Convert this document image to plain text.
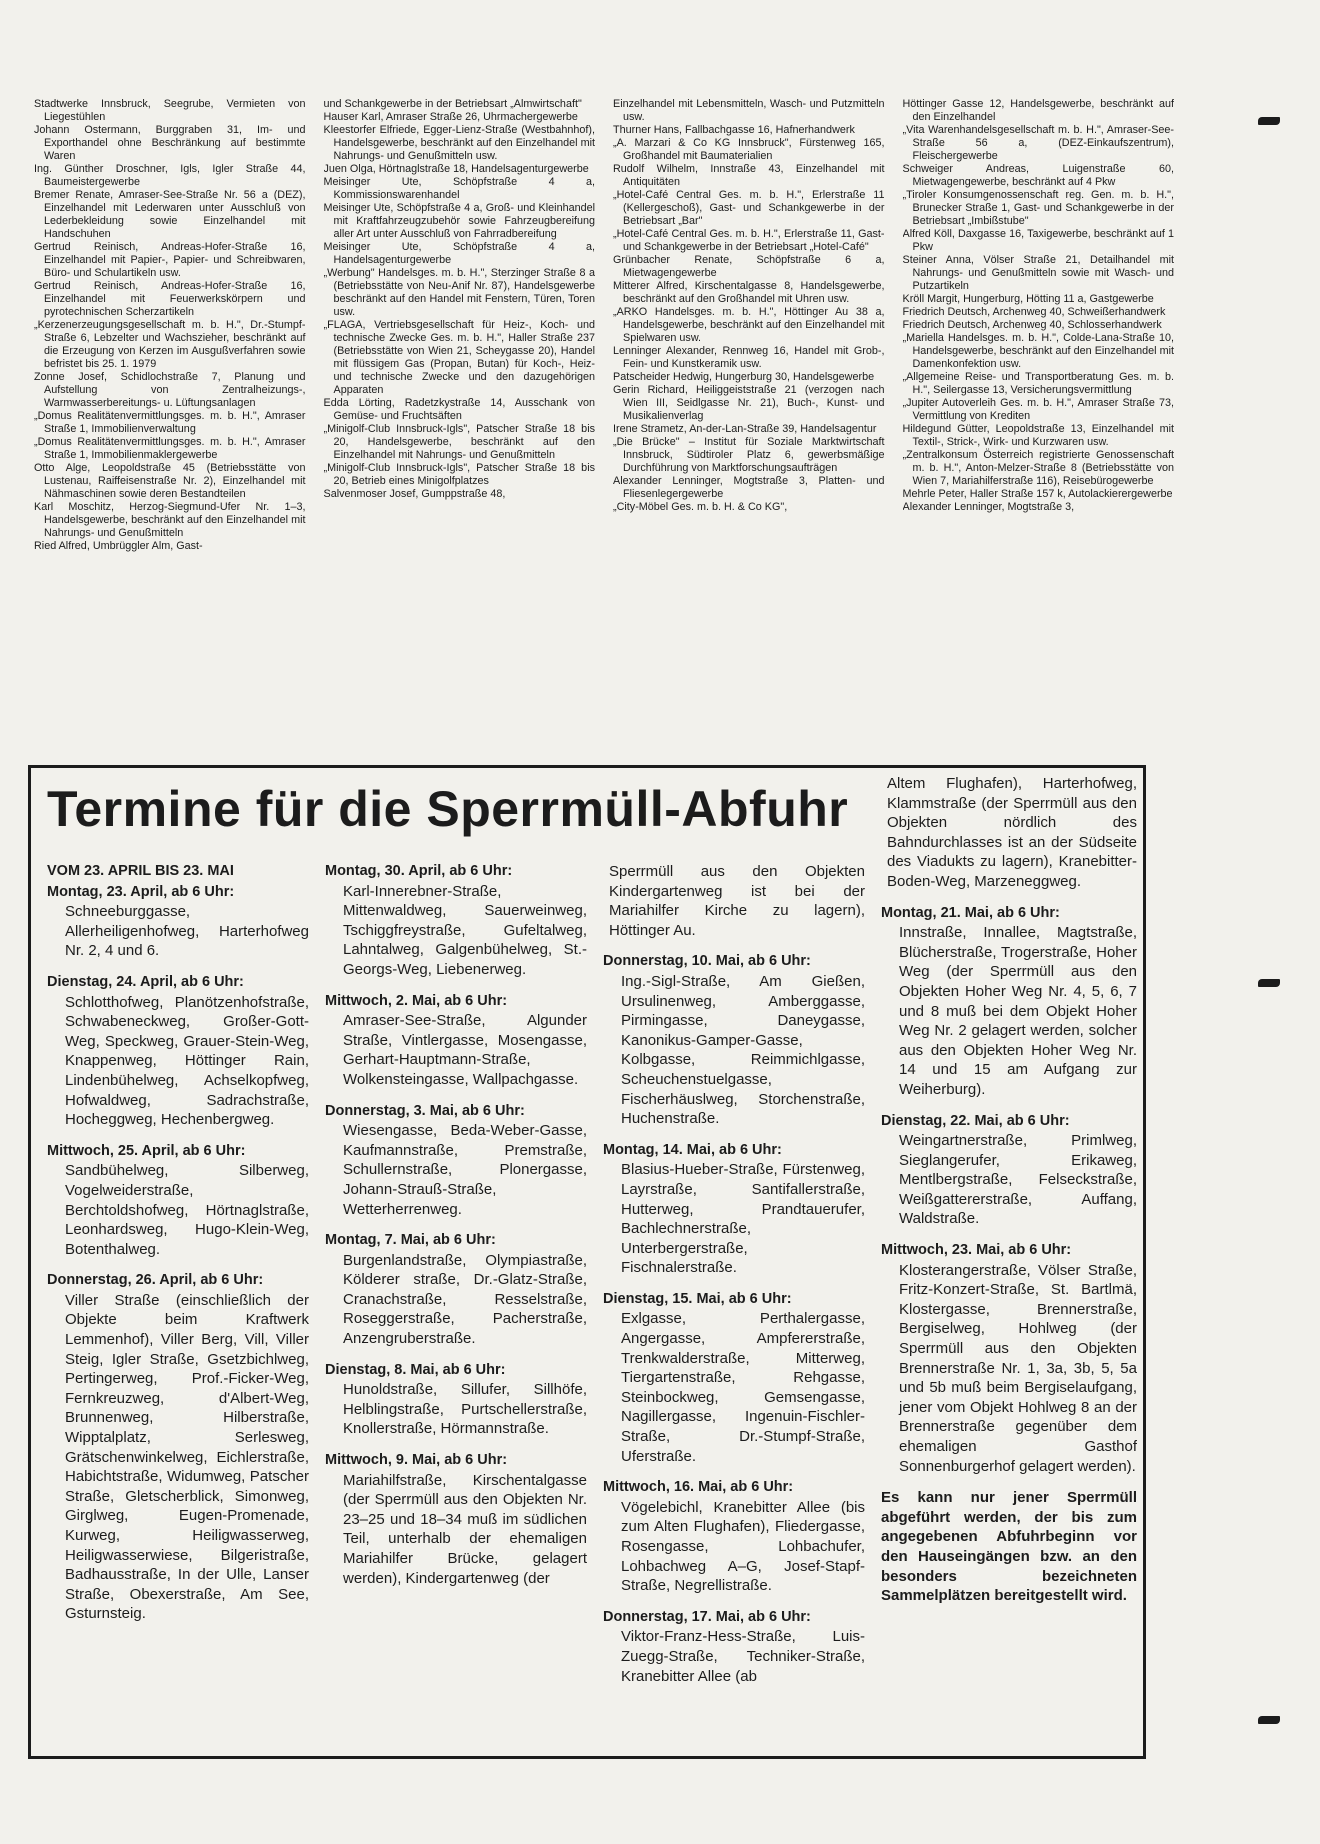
Stadtwerke Innsbruck, Seegrube, Vermieten von Liegestühlen

Johann Ostermann, Burggraben 31, Im- und Exporthandel ohne Beschränkung auf bestimmte Waren

Ing. Günther Droschner, Igls, Igler Straße 44, Baumeistergewerbe

Bremer Renate, Amraser-See-Straße Nr. 56 a (DEZ), Einzelhandel mit Lederwaren unter Ausschluß von Lederbekleidung sowie Einzelhandel mit Handschuhen

Gertrud Reinisch, Andreas-Hofer-Straße 16, Einzelhandel mit Papier-, Papier- und Schreibwaren, Büro- und Schulartikeln usw.

Gertrud Reinisch, Andreas-Hofer-Straße 16, Einzelhandel mit Feuerwerkskörpern und pyrotechnischen Scherzartikeln

„Kerzenerzeugungsgesellschaft m. b. H.", Dr.-Stumpf-Straße 6, Lebzelter und Wachszieher, beschränkt auf die Erzeugung von Kerzen im Ausgußverfahren sowie befristet bis 25. 1. 1979

Zonne Josef, Schidlochstraße 7, Planung und Aufstellung von Zentralheizungs-, Warmwasserbereitungs- u. Lüftungsanlagen

„Domus Realitätenvermittlungsges. m. b. H.", Amraser Straße 1, Immobilienverwaltung

„Domus Realitätenvermittlungsges. m. b. H.", Amraser Straße 1, Immobilienmaklergewerbe

Otto Alge, Leopoldstraße 45 (Betriebsstätte von Lustenau, Raiffeisenstraße Nr. 2), Einzelhandel mit Nähmaschinen sowie deren Bestandteilen

Karl Moschitz, Herzog-Siegmund-Ufer Nr. 1–3, Handelsgewerbe, beschränkt auf den Einzelhandel mit Nahrungs- und Genußmitteln

Ried Alfred, Umbrüggler Alm, Gast-

und Schankgewerbe in der Betriebsart „Almwirtschaft"

Hauser Karl, Amraser Straße 26, Uhrmachergewerbe

Kleestorfer Elfriede, Egger-Lienz-Straße (Westbahnhof), Handelsgewerbe, beschränkt auf den Einzelhandel mit Nahrungs- und Genußmitteln usw.

Juen Olga, Hörtnaglstraße 18, Handelsagenturgewerbe

Meisinger Ute, Schöpfstraße 4 a, Kommissionswarenhandel

Meisinger Ute, Schöpfstraße 4 a, Groß- und Kleinhandel mit Kraftfahrzeugzubehör sowie Fahrzeugbereifung aller Art unter Ausschluß von Fahrradbereifung

Meisinger Ute, Schöpfstraße 4 a, Handelsagenturgewerbe

„Werbung" Handelsges. m. b. H.", Sterzinger Straße 8 a (Betriebsstätte von Neu-Anif Nr. 87), Handelsgewerbe beschränkt auf den Handel mit Fenstern, Türen, Toren usw.

„FLAGA, Vertriebsgesellschaft für Heiz-, Koch- und technische Zwecke Ges. m. b. H.", Haller Straße 237 (Betriebsstätte von Wien 21, Scheygasse 20), Handel mit flüssigem Gas (Propan, Butan) für Koch-, Heiz- und technische Zwecke und den dazugehörigen Apparaten

Edda Lörting, Radetzkystraße 14, Ausschank von Gemüse- und Fruchtsäften

„Minigolf-Club Innsbruck-Igls", Patscher Straße 18 bis 20, Handelsgewerbe, beschränkt auf den Einzelhandel mit Nahrungs- und Genußmitteln

„Minigolf-Club Innsbruck-Igls", Patscher Straße 18 bis 20, Betrieb eines Minigolfplatzes

Salvenmoser Josef, Gumppstraße 48,

Einzelhandel mit Lebensmitteln, Wasch- und Putzmitteln usw.

Thurner Hans, Fallbachgasse 16, Hafnerhandwerk

„A. Marzari & Co KG Innsbruck", Fürstenweg 165, Großhandel mit Baumaterialien

Rudolf Wilhelm, Innstraße 43, Einzelhandel mit Antiquitäten

„Hotel-Café Central Ges. m. b. H.", Erlerstraße 11 (Kellergeschoß), Gast- und Schankgewerbe in der Betriebsart „Bar"

„Hotel-Café Central Ges. m. b. H.", Erlerstraße 11, Gast- und Schankgewerbe in der Betriebsart „Hotel-Café"

Grünbacher Renate, Schöpfstraße 6 a, Mietwagengewerbe

Mitterer Alfred, Kirschentalgasse 8, Handelsgewerbe, beschränkt auf den Großhandel mit Uhren usw.

„ARKO Handelsges. m. b. H.", Höttinger Au 38 a, Handelsgewerbe, beschränkt auf den Einzelhandel mit Spielwaren usw.

Lenninger Alexander, Rennweg 16, Handel mit Grob-, Fein- und Kunstkeramik usw.

Patscheider Hedwig, Hungerburg 30, Handelsgewerbe

Gerin Richard, Heiliggeiststraße 21 (verzogen nach Wien III, Seidlgasse Nr. 21), Buch-, Kunst- und Musikalienverlag

Irene Strametz, An-der-Lan-Straße 39, Handelsagentur

„Die Brücke" – Institut für Soziale Marktwirtschaft Innsbruck, Südtiroler Platz 6, gewerbsmäßige Durchführung von Marktforschungsaufträgen

Alexander Lenninger, Mogtstraße 3, Platten- und Fliesenlegergewerbe

„City-Möbel Ges. m. b. H. & Co KG",

Höttinger Gasse 12, Handelsgewerbe, beschränkt auf den Einzelhandel

„Vita Warenhandelsgesellschaft m. b. H.", Amraser-See-Straße 56 a, (DEZ-Einkaufszentrum), Fleischergewerbe

Schweiger Andreas, Luigenstraße 60, Mietwagengewerbe, beschränkt auf 4 Pkw

„Tiroler Konsumgenossenschaft reg. Gen. m. b. H.", Brunecker Straße 1, Gast- und Schankgewerbe in der Betriebsart „Imbißstube"

Alfred Köll, Daxgasse 16, Taxigewerbe, beschränkt auf 1 Pkw

Steiner Anna, Völser Straße 21, Detailhandel mit Nahrungs- und Genußmitteln sowie mit Wasch- und Putzartikeln

Kröll Margit, Hungerburg, Hötting 11 a, Gastgewerbe

Friedrich Deutsch, Archenweg 40, Schweißerhandwerk

Friedrich Deutsch, Archenweg 40, Schlosserhandwerk

„Mariella Handelsges. m. b. H.", Colde-Lana-Straße 10, Handelsgewerbe, beschränkt auf den Einzelhandel mit Damenkonfektion usw.

„Allgemeine Reise- und Transportberatung Ges. m. b. H.", Seilergasse 13, Versicherungsvermittlung

„Jupiter Autoverleih Ges. m. b. H.", Amraser Straße 73, Vermittlung von Krediten

Hildegund Gütter, Leopoldstraße 13, Einzelhandel mit Textil-, Strick-, Wirk- und Kurzwaren usw.

„Zentralkonsum Österreich registrierte Genossenschaft m. b. H.", Anton-Melzer-Straße 8 (Betriebsstätte von Wien 7, Mariahilferstraße 116), Reisebürogewerbe

Mehrle Peter, Haller Straße 157 k, Autolackierergewerbe

Alexander Lenninger, Mogtstraße 3,

Termine für die Sperrmüll-Abfuhr

VOM 23. APRIL BIS 23. MAI

Montag, 23. April, ab 6 Uhr:

Schneeburggasse, Allerheiligenhofweg, Harterhofweg Nr. 2, 4 und 6.

Dienstag, 24. April, ab 6 Uhr:

Schlotthofweg, Planötzenhofstraße, Schwabeneckweg, Großer-Gott-Weg, Speckweg, Grauer-Stein-Weg, Knappenweg, Höttinger Rain, Lindenbühelweg, Achselkopfweg, Hofwaldweg, Sadrachstraße, Hocheggweg, Hechenbergweg.

Mittwoch, 25. April, ab 6 Uhr:

Sandbühelweg, Silberweg, Vogelweiderstraße, Berchtoldshofweg, Hörtnaglstraße, Leonhardsweg, Hugo-Klein-Weg, Botenthalweg.

Donnerstag, 26. April, ab 6 Uhr:

Viller Straße (einschließlich der Objekte beim Kraftwerk Lemmenhof), Viller Berg, Vill, Viller Steig, Igler Straße, Gsetzbichlweg, Pertingerweg, Prof.-Ficker-Weg, Fernkreuzweg, d'Albert-Weg, Brunnenweg, Hilberstraße, Wipptalplatz, Serlesweg, Grätschenwinkelweg, Eichlerstraße, Habichtstraße, Widumweg, Patscher Straße, Gletscherblick, Simonweg, Girglweg, Eugen-Promenade, Kurweg, Heiligwasserweg, Heiligwasserwiese, Bilgeristraße, Badhausstraße, In der Ulle, Lanser Straße, Obexerstraße, Am See, Gsturnsteig.

Montag, 30. April, ab 6 Uhr:

Karl-Innerebner-Straße, Mittenwaldweg, Sauerweinweg, Tschiggfreystraße, Gufeltalweg, Lahntalweg, Galgenbühelweg, St.-Georgs-Weg, Liebenerweg.

Mittwoch, 2. Mai, ab 6 Uhr:

Amraser-See-Straße, Algunder Straße, Vintlergasse, Mosengasse, Gerhart-Hauptmann-Straße, Wolkensteingasse, Wallpachgasse.

Donnerstag, 3. Mai, ab 6 Uhr:

Wiesengasse, Beda-Weber-Gasse, Kaufmannstraße, Premstraße, Schullernstraße, Plonergasse, Johann-Strauß-Straße, Wetterherrenweg.

Montag, 7. Mai, ab 6 Uhr:

Burgenlandstraße, Olympiastraße, Kölderer straße, Dr.-Glatz-Straße, Cranachstraße, Resselstraße, Roseggerstraße, Pacherstraße, Anzengruberstraße.

Dienstag, 8. Mai, ab 6 Uhr:

Hunoldstraße, Sillufer, Sillhöfe, Helblingstraße, Purtschellerstraße, Knollerstraße, Hörmannstraße.

Mittwoch, 9. Mai, ab 6 Uhr:

Mariahilfstraße, Kirschentalgasse (der Sperrmüll aus den Objekten Nr. 23–25 und 18–34 muß im südlichen Teil, unterhalb der ehemaligen Mariahilfer Brücke, gelagert werden), Kindergartenweg (der

Sperrmüll aus den Objekten Kindergartenweg ist bei der Mariahilfer Kirche zu lagern), Höttinger Au.

Donnerstag, 10. Mai, ab 6 Uhr:

Ing.-Sigl-Straße, Am Gießen, Ursulinenweg, Amberggasse, Pirmingasse, Daneygasse, Kanonikus-Gamper-Gasse, Kolbgasse, Reimmichlgasse, Scheuchenstuelgasse, Fischerhäuslweg, Storchenstraße, Huchenstraße.

Montag, 14. Mai, ab 6 Uhr:

Blasius-Hueber-Straße, Fürstenweg, Layrstraße, Santifallerstraße, Hutterweg, Prandtauerufer, Bachlechnerstraße, Unterbergerstraße, Fischnalerstraße.

Dienstag, 15. Mai, ab 6 Uhr:

Exlgasse, Perthalergasse, Angergasse, Ampfererstraße, Trenkwalderstraße, Mitterweg, Tiergartenstraße, Rehgasse, Steinbockweg, Gemsengasse, Nagillergasse, Ingenuin-Fischler-Straße, Dr.-Stumpf-Straße, Uferstraße.

Mittwoch, 16. Mai, ab 6 Uhr:

Vögelebichl, Kranebitter Allee (bis zum Alten Flughafen), Fliedergasse, Rosengasse, Lohbachufer, Lohbachweg A–G, Josef-Stapf-Straße, Negrellistraße.

Donnerstag, 17. Mai, ab 6 Uhr:

Viktor-Franz-Hess-Straße, Luis-Zuegg-Straße, Techniker-Straße, Kranebitter Allee (ab

Altem Flughafen), Harterhofweg, Klammstraße (der Sperrmüll aus den Objekten nördlich des Bahndurchlasses ist an der Südseite des Viadukts zu lagern), Kranebitter-Boden-Weg, Marzeneggweg.

Montag, 21. Mai, ab 6 Uhr:

Innstraße, Innallee, Magtstraße, Blücherstraße, Trogerstraße, Hoher Weg (der Sperrmüll aus den Objekten Hoher Weg Nr. 4, 5, 6, 7 und 8 muß bei dem Objekt Hoher Weg Nr. 2 gelagert werden, solcher aus den Objekten Hoher Weg Nr. 14 und 15 am Aufgang zur Weiherburg).

Dienstag, 22. Mai, ab 6 Uhr:

Weingartnerstraße, Primlweg, Sieglangerufer, Erikaweg, Mentlbergstraße, Felseckstraße, Weißgattererstraße, Auffang, Waldstraße.

Mittwoch, 23. Mai, ab 6 Uhr:

Klosterangerstraße, Völser Straße, Fritz-Konzert-Straße, St. Bartlmä, Klostergasse, Brennerstraße, Bergiselweg, Hohlweg (der Sperrmüll aus den Objekten Brennerstraße Nr. 1, 3a, 3b, 5, 5a und 5b muß beim Bergiselaufgang, jener vom Objekt Hohlweg 8 an der Brennerstraße gegenüber dem ehemaligen Gasthof Sonnenburgerhof gelagert werden).

Es kann nur jener Sperrmüll abgeführt werden, der bis zum angegebenen Abfuhrbeginn vor den Hauseingängen bzw. an den besonders bezeichneten Sammelplätzen bereitgestellt wird.
